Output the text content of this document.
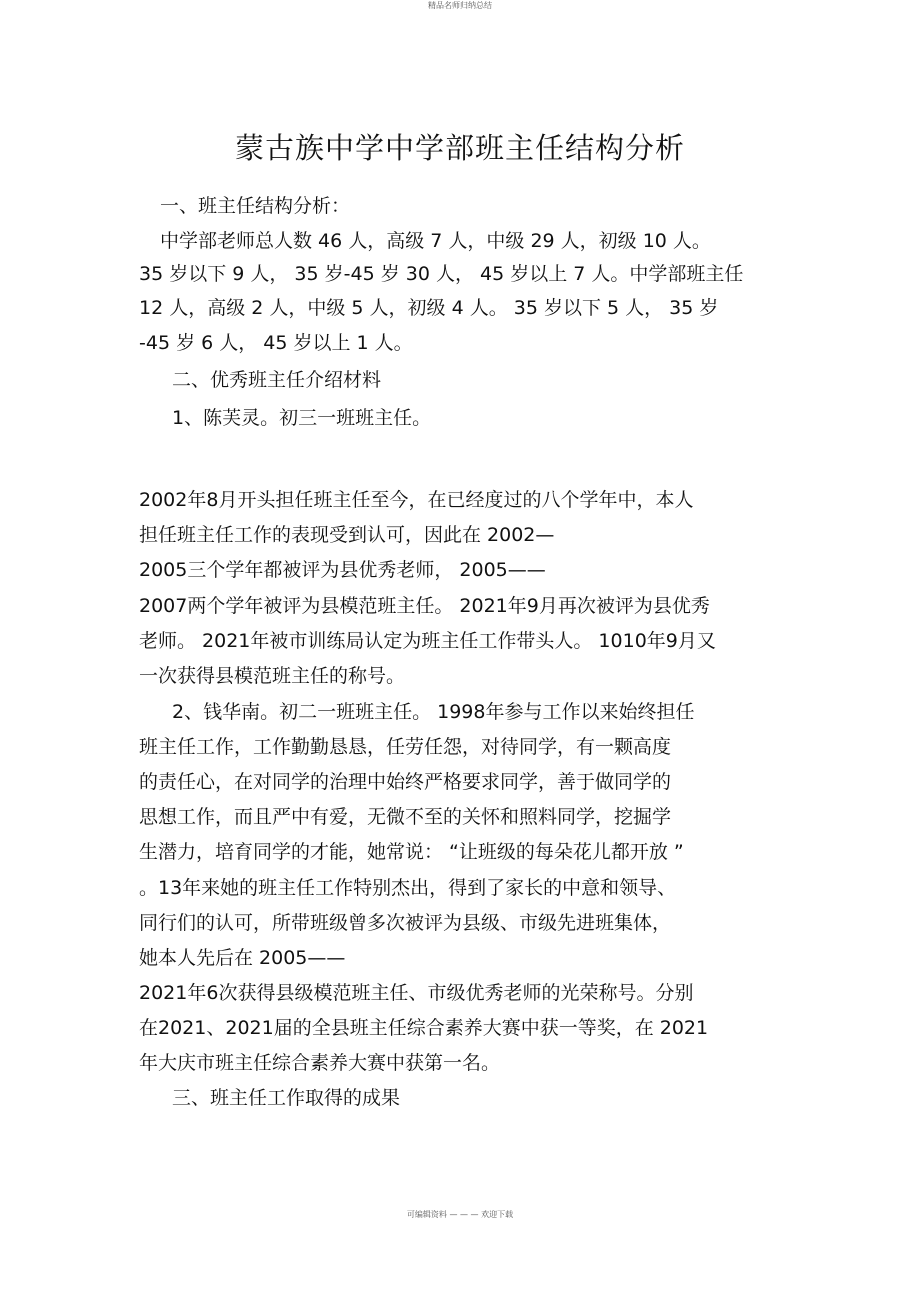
精品名师归纳总结
蒙古族中学中学部班主任结构分析
一、班主任结构分析：
中学部老师总人数 46 人，高级 7 人，中级 29 人，初级 10 人。
35 岁以下 9 人， 35 岁-45 岁 30 人， 45 岁以上 7 人。中学部班主任
12 人，高级 2 人，中级 5 人，初级 4 人。 35 岁以下 5 人， 35 岁
-45 岁 6 人， 45 岁以上 1 人。
二、优秀班主任介绍材料
1、陈芙灵。初三一班班主任。
2002年8月开头担任班主任至今，在已经度过的八个学年中，本人
担任班主任工作的表现受到认可，因此在 2002—
2005三个学年都被评为县优秀老师， 2005——
2007两个学年被评为县模范班主任。 2021年9月再次被评为县优秀
老师。 2021年被市训练局认定为班主任工作带头人。 1010年9月又
一次获得县模范班主任的称号。
2、钱华南。初二一班班主任。 1998年参与工作以来始终担任
班主任工作，工作勤勤恳恳，任劳任怨，对待同学，有一颗高度
的责任心，在对同学的治理中始终严格要求同学，善于做同学的
思想工作，而且严中有爱，无微不至的关怀和照料同学，挖掘学
生潜力，培育同学的才能，她常说： “让班级的每朵花儿都开放 ”
。13年来她的班主任工作特别杰出，得到了家长的中意和领导、
同行们的认可，所带班级曾多次被评为县级、市级先进班集体，
她本人先后在 2005——
2021年6次获得县级模范班主任、市级优秀老师的光荣称号。分别
在2021、2021届的全县班主任综合素养大赛中获一等奖，在 2021
年大庆市班主任综合素养大赛中获第一名。
三、班主任工作取得的成果
可编辑资料 — — — 欢迎下载
